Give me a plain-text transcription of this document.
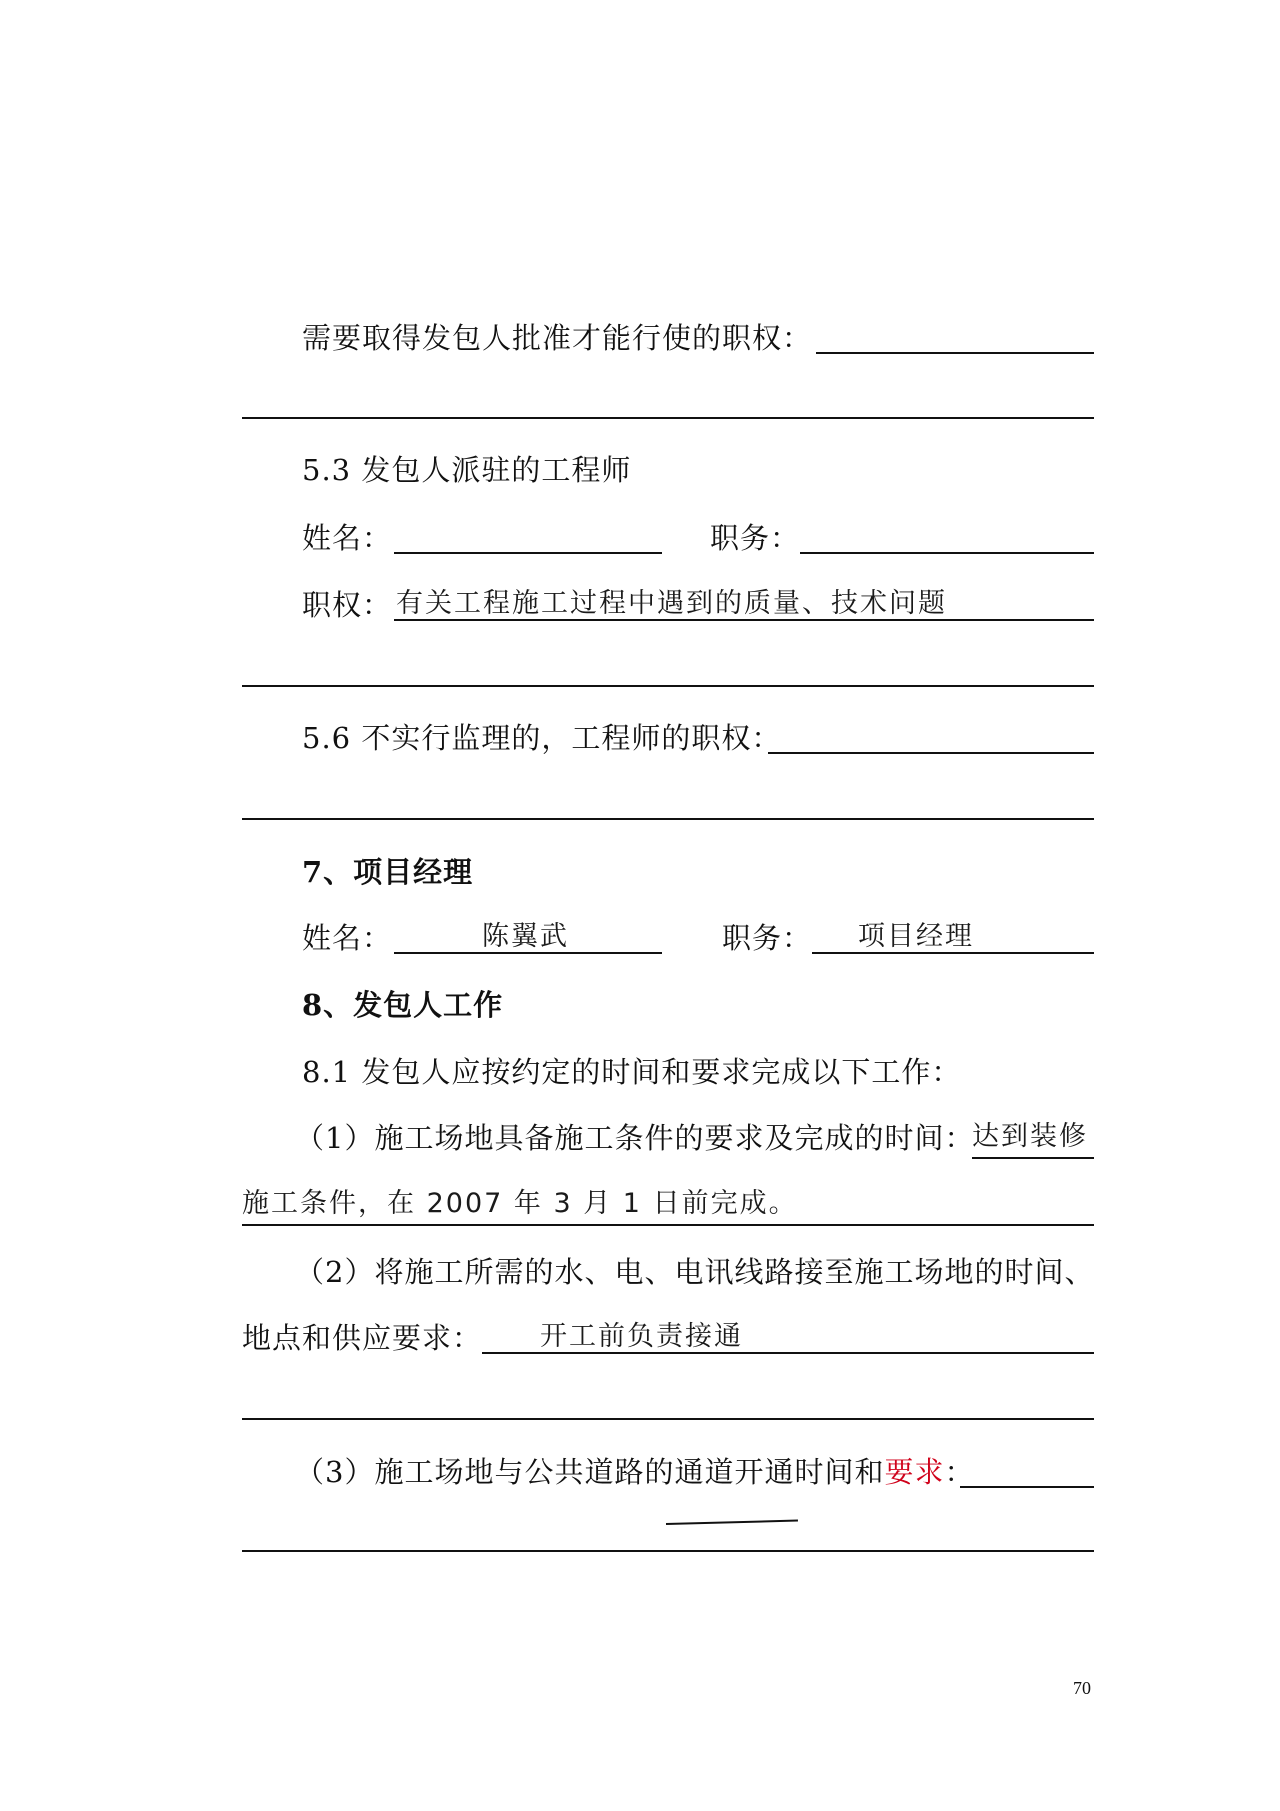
需要取得发包人批准才能行使的职权：
5.3 发包人派驻的工程师
姓名：	职务：
职权： 有关工程施工过程中遇到的质量、技术问题
5.6 不实行监理的，工程师的职权：
7、项目经理
姓名：	陈翼武	职务： 项目经理
8、发包人工作
8.1 发包人应按约定的时间和要求完成以下工作：
（1）施工场地具备施工条件的要求及完成的时间：
达到装修
施工条件，在 2007 年 3 月 1 日前完成。
（2）将施工所需的水、电、电讯线路接至施工场地的时间、
地点和供应要求： 开工前负责接通
（3）施工场地与公共道路的通道开通时间和要求：
70
